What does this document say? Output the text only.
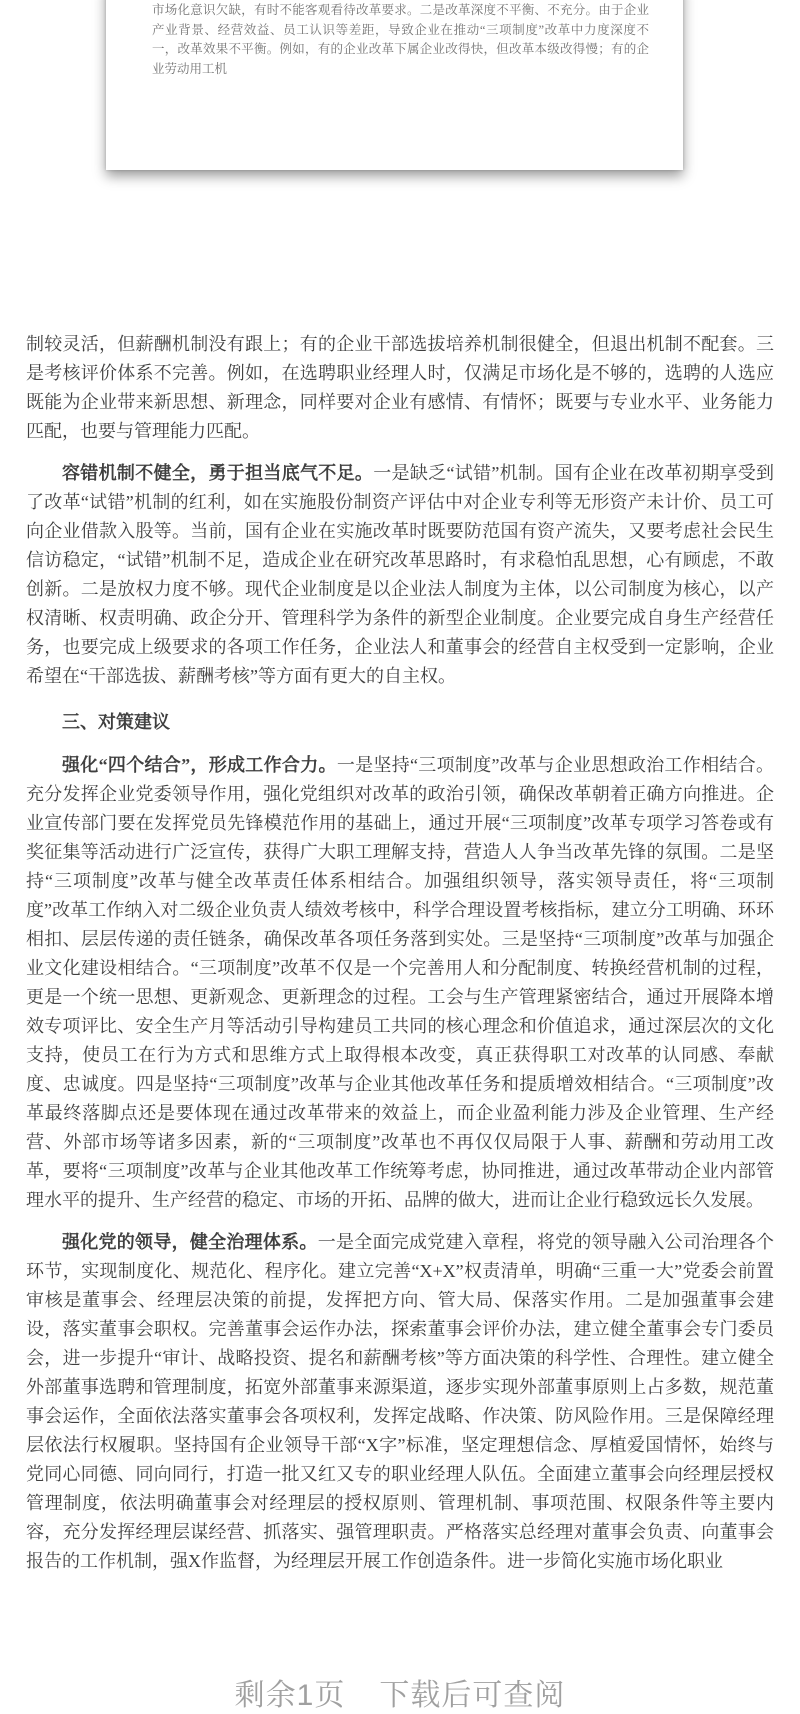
市场化意识欠缺，有时不能客观看待改革要求。二是改革深度不平衡、不充分。由于企业产业背景、经营效益、员工认识等差距，导致企业在推动“三项制度”改革中力度深度不一，改革效果不平衡。例如，有的企业改革下属企业改得快，但改革本级改得慢；有的企业劳动用工机

制较灵活，但薪酬机制没有跟上；有的企业干部选拔培养机制很健全，但退出机制不配套。三是考核评价体系不完善。例如，在选聘职业经理人时，仅满足市场化是不够的，选聘的人选应既能为企业带来新思想、新理念，同样要对企业有感情、有情怀；既要与专业水平、业务能力匹配，也要与管理能力匹配。

容错机制不健全，勇于担当底气不足。一是缺乏“试错”机制。国有企业在改革初期享受到了改革“试错”机制的红利，如在实施股份制资产评估中对企业专利等无形资产未计价、员工可向企业借款入股等。当前，国有企业在实施改革时既要防范国有资产流失，又要考虑社会民生信访稳定，“试错”机制不足，造成企业在研究改革思路时，有求稳怕乱思想，心有顾虑，不敢创新。二是放权力度不够。现代企业制度是以企业法人制度为主体，以公司制度为核心，以产权清晰、权责明确、政企分开、管理科学为条件的新型企业制度。企业要完成自身生产经营任务，也要完成上级要求的各项工作任务，企业法人和董事会的经营自主权受到一定影响，企业希望在“干部选拔、薪酬考核”等方面有更大的自主权。

三、对策建议

强化“四个结合”，形成工作合力。一是坚持“三项制度”改革与企业思想政治工作相结合。充分发挥企业党委领导作用，强化党组织对改革的政治引领，确保改革朝着正确方向推进。企业宣传部门要在发挥党员先锋模范作用的基础上，通过开展“三项制度”改革专项学习答卷或有奖征集等活动进行广泛宣传，获得广大职工理解支持，营造人人争当改革先锋的氛围。二是坚持“三项制度”改革与健全改革责任体系相结合。加强组织领导，落实领导责任，将“三项制度”改革工作纳入对二级企业负责人绩效考核中，科学合理设置考核指标，建立分工明确、环环相扣、层层传递的责任链条，确保改革各项任务落到实处。三是坚持“三项制度”改革与加强企业文化建设相结合。“三项制度”改革不仅是一个完善用人和分配制度、转换经营机制的过程，更是一个统一思想、更新观念、更新理念的过程。工会与生产管理紧密结合，通过开展降本增效专项评比、安全生产月等活动引导构建员工共同的核心理念和价值追求，通过深层次的文化支持，使员工在行为方式和思维方式上取得根本改变，真正获得职工对改革的认同感、奉献度、忠诚度。四是坚持“三项制度”改革与企业其他改革任务和提质增效相结合。“三项制度”改革最终落脚点还是要体现在通过改革带来的效益上，而企业盈利能力涉及企业管理、生产经营、外部市场等诸多因素，新的“三项制度”改革也不再仅仅局限于人事、薪酬和劳动用工改革，要将“三项制度”改革与企业其他改革工作统筹考虑，协同推进，通过改革带动企业内部管理水平的提升、生产经营的稳定、市场的开拓、品牌的做大，进而让企业行稳致远长久发展。

强化党的领导，健全治理体系。一是全面完成党建入章程，将党的领导融入公司治理各个环节，实现制度化、规范化、程序化。建立完善“X+X”权责清单，明确“三重一大”党委会前置审核是董事会、经理层决策的前提，发挥把方向、管大局、保落实作用。二是加强董事会建设，落实董事会职权。完善董事会运作办法，探索董事会评价办法，建立健全董事会专门委员会，进一步提升“审计、战略投资、提名和薪酬考核”等方面决策的科学性、合理性。建立健全外部董事选聘和管理制度，拓宽外部董事来源渠道，逐步实现外部董事原则上占多数，规范董事会运作，全面依法落实董事会各项权利，发挥定战略、作决策、防风险作用。三是保障经理层依法行权履职。坚持国有企业领导干部“X字”标准，坚定理想信念、厚植爱国情怀，始终与党同心同德、同向同行，打造一批又红又专的职业经理人队伍。全面建立董事会向经理层授权管理制度，依法明确董事会对经理层的授权原则、管理机制、事项范围、权限条件等主要内容，充分发挥经理层谋经营、抓落实、强管理职责。严格落实总经理对董事会负责、向董事会报告的工作机制，强X作监督，为经理层开展工作创造条件。进一步简化实施市场化职业

剩余1页 下载后可查阅
